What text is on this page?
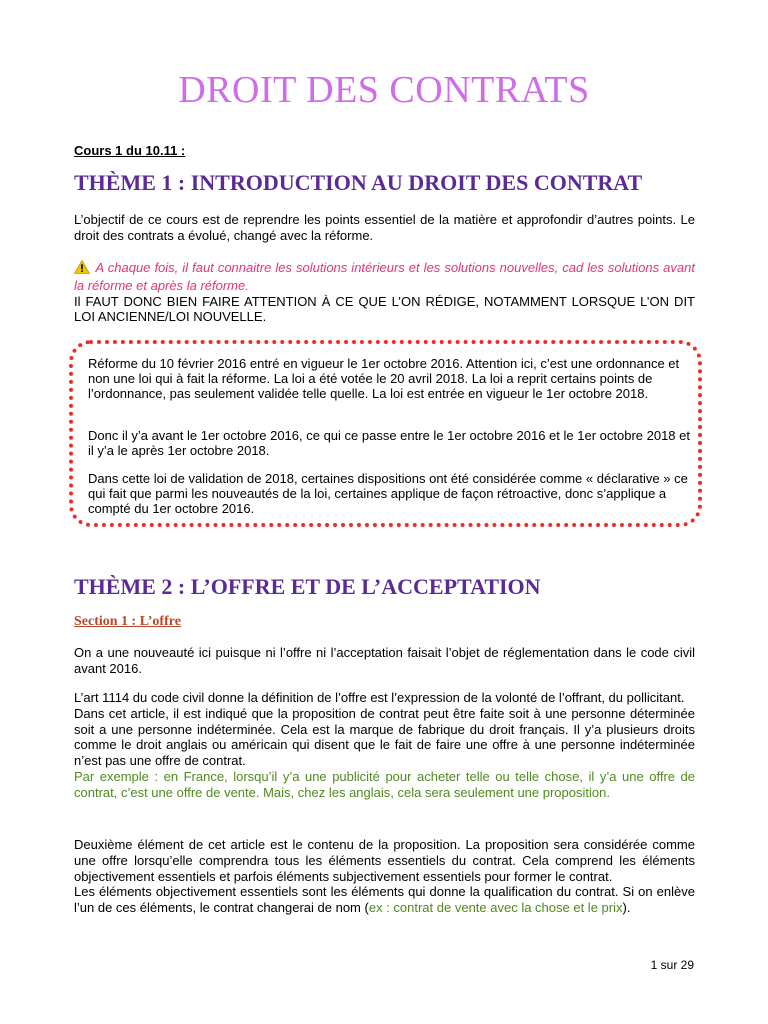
DROIT DES CONTRATS

Cours 1 du 10.11 :

THÈME 1 : INTRODUCTION AU DROIT DES CONTRAT

L’objectif de ce cours est de reprendre les points essentiel de la matière et approfondir d’autres points. Le droit des contrats a évolué, changé avec la réforme.

A chaque fois, il faut connaitre les solutions intérieurs et les solutions nouvelles, cad les solutions avant la réforme et après la réforme.
Il FAUT DONC BIEN FAIRE ATTENTION À CE QUE L’ON RÉDIGE, NOTAMMENT LORSQUE L’ON DIT LOI ANCIENNE/LOI NOUVELLE.

Réforme du 10 février 2016 entré en vigueur le 1er octobre 2016. Attention ici, c’est une ordonnance et non une loi qui à fait la réforme. La loi a été votée le 20 avril 2018. La loi a reprit certains points de l’ordonnance, pas seulement validée telle quelle. La loi est entrée en vigueur le 1er octobre 2018.

Donc il y’a avant le 1er octobre 2016, ce qui ce passe entre le 1er octobre 2016 et le 1er octobre 2018 et il y’a le après 1er octobre 2018.

Dans cette loi de validation de 2018, certaines dispositions ont été considérée comme « déclarative » ce qui fait que parmi les nouveautés de la loi, certaines applique de façon rétroactive, donc s’applique a compté du 1er octobre 2016.

THÈME 2 : L’OFFRE ET DE L’ACCEPTATION

Section 1 : L’offre

On a une nouveauté ici puisque ni l’offre ni l’acceptation faisait l’objet de réglementation dans le code civil avant 2016.

L’art 1114 du code civil donne la définition de l’offre est l’expression de la volonté de l’offrant, du pollicitant.
Dans cet article, il est indiqué que la proposition de contrat peut être faite soit à une personne déterminée soit a une personne indéterminée. Cela est la marque de fabrique du droit français. Il y’a plusieurs droits comme le droit anglais ou américain qui disent que le fait de faire une offre à une personne indéterminée n’est pas une offre de contrat.
Par exemple : en France, lorsqu’il y’a une publicité pour acheter telle ou telle chose, il y’a une offre de contrat, c’est une offre de vente. Mais, chez les anglais, cela sera seulement une proposition.

Deuxième élément de cet article est le contenu de la proposition. La proposition sera considérée comme une offre lorsqu’elle comprendra tous les éléments essentiels du contrat. Cela comprend les éléments objectivement essentiels et parfois éléments subjectivement essentiels pour former le contrat.
Les éléments objectivement essentiels sont les éléments qui donne la qualification du contrat. Si on enlève l’un de ces éléments, le contrat changerai de nom (ex : contrat de vente avec la chose et le prix).

1 sur 29
